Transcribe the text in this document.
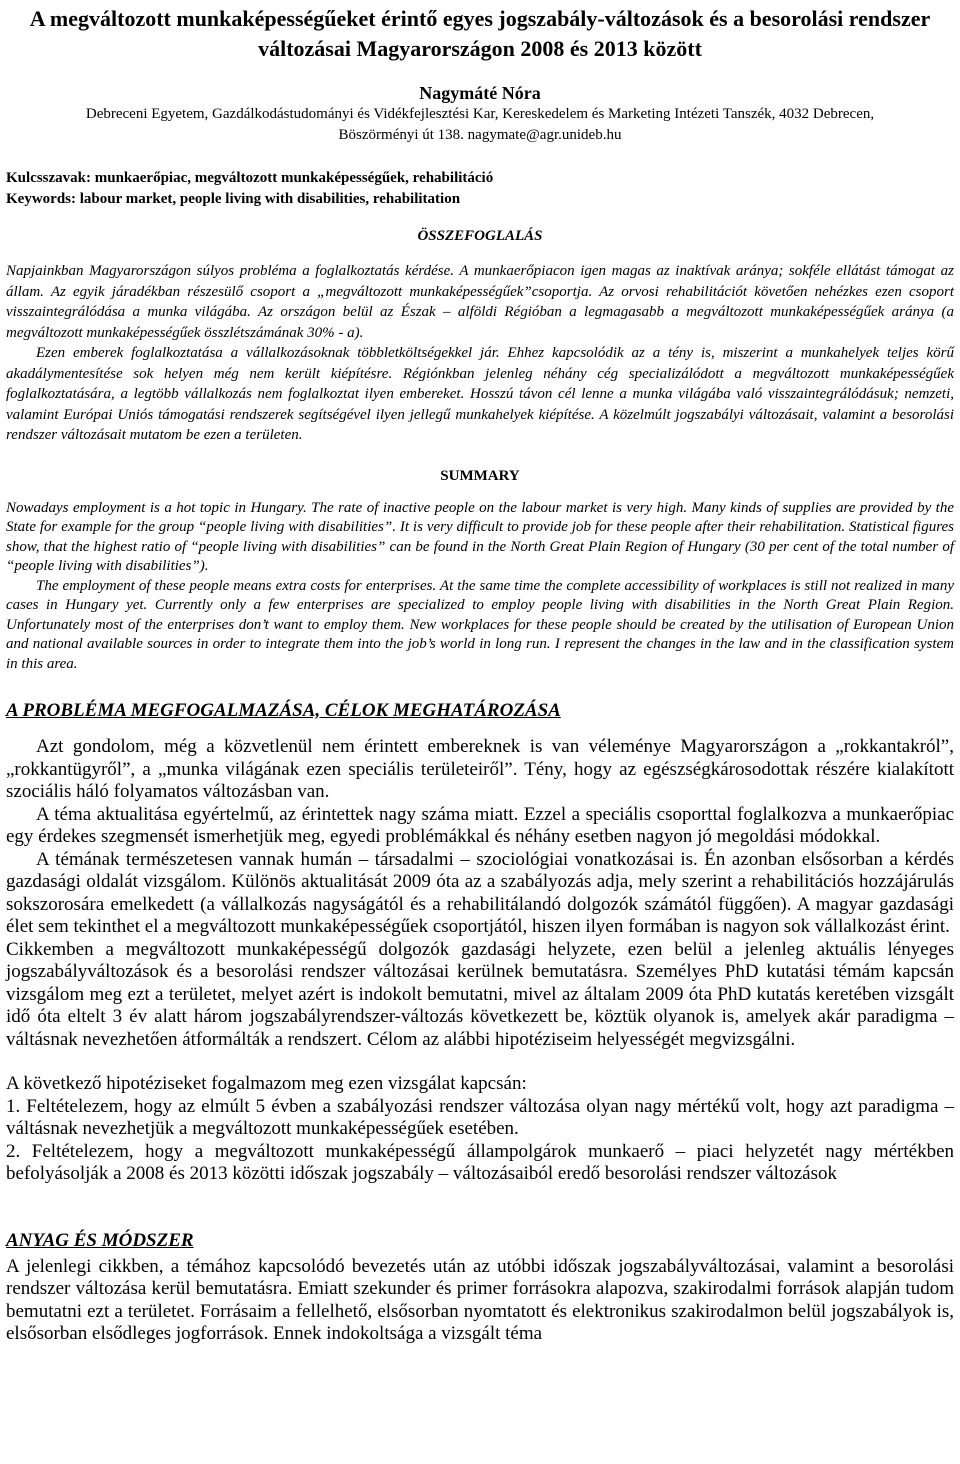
A megváltozott munkaképességűeket érintő egyes jogszabály-változások és a besorolási rendszer változásai Magyarországon 2008 és 2013 között
Nagymáté Nóra
Debreceni Egyetem, Gazdálkodástudományi és Vidékfejlesztési Kar, Kereskedelem és Marketing Intézeti Tanszék, 4032 Debrecen,
Böszörményi út 138. nagymate@agr.unideb.hu
Kulcsszavak: munkaerőpiac, megváltozott munkaképességűek, rehabilitáció
Keywords: labour market, people living with disabilities, rehabilitation
ÖSSZEFOGLALÁS

Napjainkban Magyarországon súlyos probléma a foglalkoztatás kérdése. A munkaerőpiacon igen magas az inaktívak aránya; sokféle ellátást támogat az állam. Az egyik járadékban részesülő csoport a „megváltozott munkaképességűek”csoportja. Az orvosi rehabilitációt követően nehézkes ezen csoport visszaintegrálódása a munka világába. Az országon belül az Észak – alföldi Régióban a legmagasabb a megváltozott munkaképességűek aránya (a megváltozott munkaképességűek összlétszámának 30% - a).

Ezen emberek foglalkoztatása a vállalkozásoknak többletköltségekkel jár. Ehhez kapcsolódik az a tény is, miszerint a munkahelyek teljes körű akadálymentesítése sok helyen még nem került kiépítésre. Régiónkban jelenleg néhány cég specializálódott a megváltozott munkaképességűek foglalkoztatására, a legtöbb vállalkozás nem foglalkoztat ilyen embereket. Hosszú távon cél lenne a munka világába való visszaintegrálódásuk; nemzeti, valamint Európai Uniós támogatási rendszerek segítségével ilyen jellegű munkahelyek kiépítése. A közelmúlt jogszabályi változásait, valamint a besorolási rendszer változásait mutatom be ezen a területen.

SUMMARY

Nowadays employment is a hot topic in Hungary. The rate of inactive people on the labour market is very high. Many kinds of supplies are provided by the State for example for the group “people living with disabilities”. It is very difficult to provide job for these people after their rehabilitation. Statistical figures show, that the highest ratio of “people living with disabilities” can be found in the North Great Plain Region of Hungary (30 per cent of the total number of “people living with disabilities”).

The employment of these people means extra costs for enterprises. At the same time the complete accessibility of workplaces is still not realized in many cases in Hungary yet. Currently only a few enterprises are specialized to employ people living with disabilities in the North Great Plain Region. Unfortunately most of the enterprises don’t want to employ them. New workplaces for these people should be created by the utilisation of European Union and national available sources in order to integrate them into the job’s world in long run. I represent the changes in the law and in the classification system in this area.

A PROBLÉMA MEGFOGALMAZÁSA, CÉLOK MEGHATÁROZÁSA

Azt gondolom, még a közvetlenül nem érintett embereknek is van véleménye Magyarországon a „rokkantakról”, „rokkantügyről”, a „munka világának ezen speciális területeiről”. Tény, hogy az egészségkárosodottak részére kialakított szociális háló folyamatos változásban van.

A téma aktualitása egyértelmű, az érintettek nagy száma miatt. Ezzel a speciális csoporttal foglalkozva a munkaerőpiac egy érdekes szegmensét ismerhetjük meg, egyedi problémákkal és néhány esetben nagyon jó megoldási módokkal.

A témának természetesen vannak humán – társadalmi – szociológiai vonatkozásai is. Én azonban elsősorban a kérdés gazdasági oldalát vizsgálom. Különös aktualitását 2009 óta az a szabályozás adja, mely szerint a rehabilitációs hozzájárulás sokszorosára emelkedett (a vállalkozás nagyságától és a rehabilitálandó dolgozók számától függően). A magyar gazdasági élet sem tekinthet el a megváltozott munkaképességűek csoportjától, hiszen ilyen formában is nagyon sok vállalkozást érint.

Cikkemben a megváltozott munkaképességű dolgozók gazdasági helyzete, ezen belül a jelenleg aktuális lényeges jogszabályváltozások és a besorolási rendszer változásai kerülnek bemutatásra. Személyes PhD kutatási témám kapcsán vizsgálom meg ezt a területet, melyet azért is indokolt bemutatni, mivel az általam 2009 óta PhD kutatás keretében vizsgált idő óta eltelt 3 év alatt három jogszabályrendszer-változás következett be, köztük olyanok is, amelyek akár paradigma – váltásnak nevezhetően átformálták a rendszert. Célom az alábbi hipotéziseim helyességét megvizsgálni.

A következő hipotéziseket fogalmazom meg ezen vizsgálat kapcsán:

1. Feltételezem, hogy az elmúlt 5 évben a szabályozási rendszer változása olyan nagy mértékű volt, hogy azt paradigma – váltásnak nevezhetjük a megváltozott munkaképességűek esetében.

2. Feltételezem, hogy a megváltozott munkaképességű állampolgárok munkaerő – piaci helyzetét nagy mértékben befolyásolják a 2008 és 2013 közötti időszak jogszabály – változásaiból eredő besorolási rendszer változások

ANYAG ÉS MÓDSZER

A jelenlegi cikkben, a témához kapcsolódó bevezetés után az utóbbi időszak jogszabályváltozásai, valamint a besorolási rendszer változása kerül bemutatásra. Emiatt szekunder és primer forrásokra alapozva, szakirodalmi források alapján tudom bemutatni ezt a területet. Forrásaim a fellelhető, elsősorban nyomtatott és elektronikus szakirodalmon belül jogszabályok is, elsősorban elsődleges jogforrások. Ennek indokoltsága a vizsgált téma
